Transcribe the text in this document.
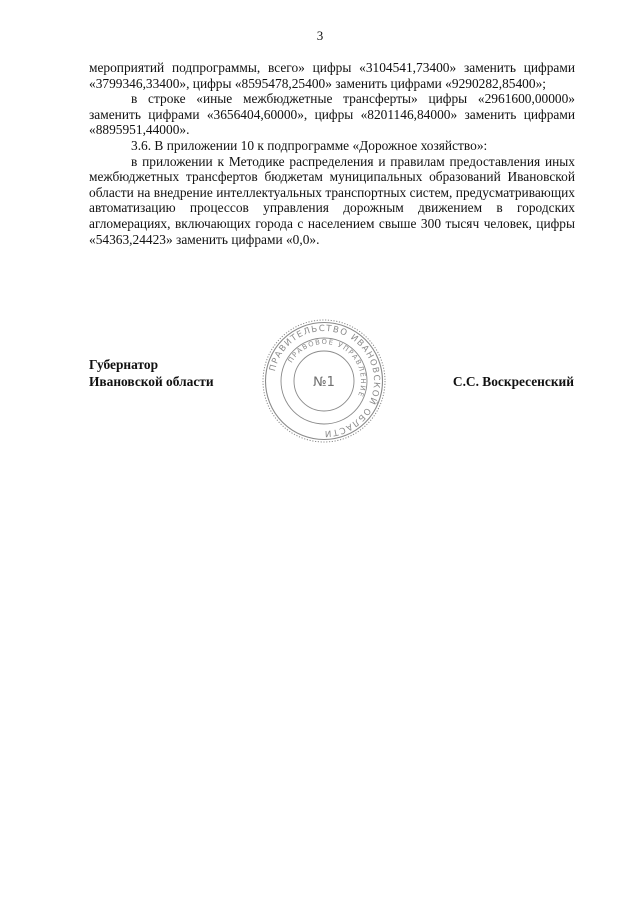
3

мероприятий подпрограммы, всего» цифры «3104541,73400» заменить цифрами «3799346,33400», цифры «8595478,25400» заменить цифрами «9290282,85400»;

в строке «иные межбюджетные трансферты» цифры «2961600,00000» заменить цифрами «3656404,60000», цифры «8201146,84000» заменить цифрами «8895951,44000».

3.6. В приложении 10 к подпрограмме «Дорожное хозяйство»:

в приложении к Методике распределения и правилам предоставления иных межбюджетных трансфертов бюджетам муниципальных образований Ивановской области на внедрение интеллектуальных транспортных систем, предусматривающих автоматизацию процессов управления дорожным движением в городских агломерациях, включающих города с населением свыше 300 тысяч человек, цифры «54363,24423» заменить цифрами «0,0».

Губернатор
Ивановской области	С.С. Воскресенский
ПРАВИТЕЛЬСТВО ИВАНОВСКОЙ ОБЛАСТИ
ПРАВОВОЕ УПРАВЛЕНИЕ
№1
